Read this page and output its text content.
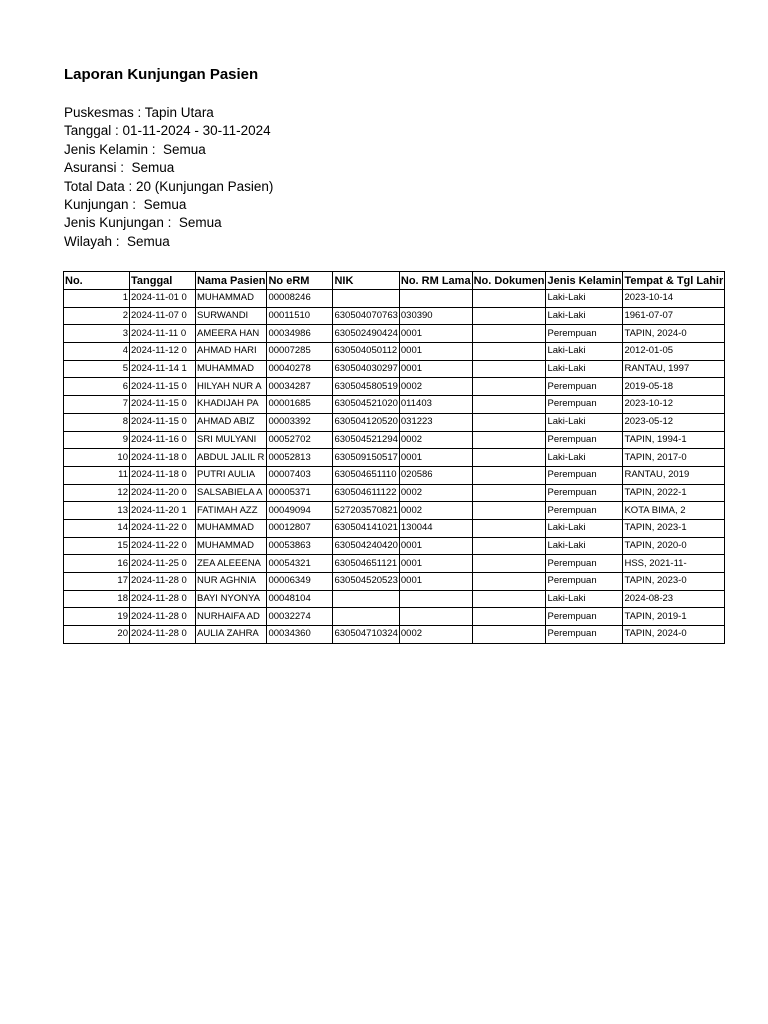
Laporan Kunjungan Pasien
Puskesmas : Tapin Utara
Tanggal : 01-11-2024 - 30-11-2024
Jenis Kelamin :  Semua
Asuransi :  Semua
Total Data : 20 (Kunjungan Pasien)
Kunjungan :  Semua
Jenis Kunjungan :  Semua
Wilayah :  Semua
No.	Tanggal	Nama Pasien	No eRM	NIK	No. RM Lama	No. Dokumen	Jenis Kelamin	Tempat & Tgl Lahir
1	2024-11-01 0	MUHAMMAD	00008246				Laki-Laki	2023-10-14
2	2024-11-07 0	SURWANDI	00011510	630504070763	030390		Laki-Laki	1961-07-07
3	2024-11-11 0	AMEERA HAN	00034986	630502490424	0001		Perempuan	TAPIN, 2024-0
4	2024-11-12 0	AHMAD HARI	00007285	630504050112	0001		Laki-Laki	2012-01-05
5	2024-11-14 1	MUHAMMAD	00040278	630504030297	0001		Laki-Laki	RANTAU, 1997
6	2024-11-15 0	HILYAH NUR A	00034287	630504580519	0002		Perempuan	2019-05-18
7	2024-11-15 0	KHADIJAH PA	00001685	630504521020	011403		Perempuan	2023-10-12
8	2024-11-15 0	AHMAD ABIZ	00003392	630504120520	031223		Laki-Laki	2023-05-12
9	2024-11-16 0	SRI MULYANI	00052702	630504521294	0002		Perempuan	TAPIN, 1994-1
10	2024-11-18 0	ABDUL JALIL R	00052813	630509150517	0001		Laki-Laki	TAPIN, 2017-0
11	2024-11-18 0	PUTRI AULIA	00007403	630504651110	020586		Perempuan	RANTAU, 2019
12	2024-11-20 0	SALSABIELA A	00005371	630504611122	0002		Perempuan	TAPIN, 2022-1
13	2024-11-20 1	FATIMAH AZZ	00049094	527203570821	0002		Perempuan	KOTA BIMA, 2
14	2024-11-22 0	MUHAMMAD	00012807	630504141021	130044		Laki-Laki	TAPIN, 2023-1
15	2024-11-22 0	MUHAMMAD	00053863	630504240420	0001		Laki-Laki	TAPIN, 2020-0
16	2024-11-25 0	ZEA ALEEENA	00054321	630504651121	0001		Perempuan	HSS, 2021-11-
17	2024-11-28 0	NUR AGHNIA	00006349	630504520523	0001		Perempuan	TAPIN, 2023-0
18	2024-11-28 0	BAYI NYONYA	00048104				Laki-Laki	2024-08-23
19	2024-11-28 0	NURHAIFA AD	00032274				Perempuan	TAPIN, 2019-1
20	2024-11-28 0	AULIA ZAHRA	00034360	630504710324	0002		Perempuan	TAPIN, 2024-0
